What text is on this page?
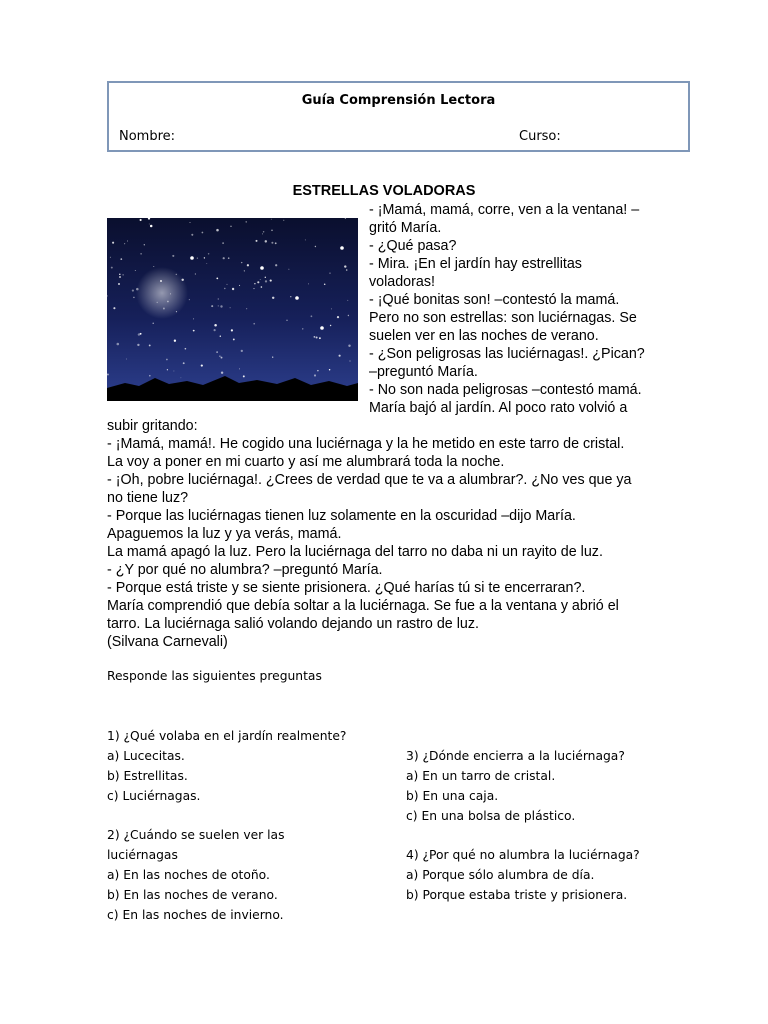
Guía Comprensión Lectora
Nombre:	Curso:
ESTRELLAS VOLADORAS
- ¡Mamá, mamá, corre, ven a la ventana! –
gritó María.
- ¿Qué pasa?
- Mira. ¡En el jardín hay estrellitas
voladoras!
- ¡Qué bonitas son! –contestó la mamá.
Pero no son estrellas: son luciérnagas. Se
suelen ver en las noches de verano.
- ¿Son peligrosas las luciérnagas!. ¿Pican?
–preguntó María.
- No son nada peligrosas –contestó mamá.
María bajó al jardín. Al poco rato volvió a
subir gritando:
- ¡Mamá, mamá!. He cogido una luciérnaga y la he metido en este tarro de cristal.
La voy a poner en mi cuarto y así me alumbrará toda la noche.
- ¡Oh, pobre luciérnaga!. ¿Crees de verdad que te va a alumbrar?. ¿No ves que ya
no tiene luz?
- Porque las luciérnagas tienen luz solamente en la oscuridad –dijo María.
Apaguemos la luz y ya verás, mamá.
La mamá apagó la luz. Pero la luciérnaga del tarro no daba ni un rayito de luz.
- ¿Y por qué no alumbra? –preguntó María.
- Porque está triste y se siente prisionera. ¿Qué harías tú si te encerraran?.
María comprendió que debía soltar a la luciérnaga. Se fue a la ventana y abrió el
tarro. La luciérnaga salió volando dejando un rastro de luz.
(Silvana Carnevali)
Responde las siguientes preguntas
1) ¿Qué volaba en el jardín realmente?
a) Lucecitas.
b) Estrellitas.
c) Luciérnagas.
2) ¿Cuándo se suelen ver las
luciérnagas
a) En las noches de otoño.
b) En las noches de verano.
c) En las noches de invierno.
3) ¿Dónde encierra a la luciérnaga?
a) En un tarro de cristal.
b) En una caja.
c) En una bolsa de plástico.
4) ¿Por qué no alumbra la luciérnaga?
a) Porque sólo alumbra de día.
b) Porque estaba triste y prisionera.
